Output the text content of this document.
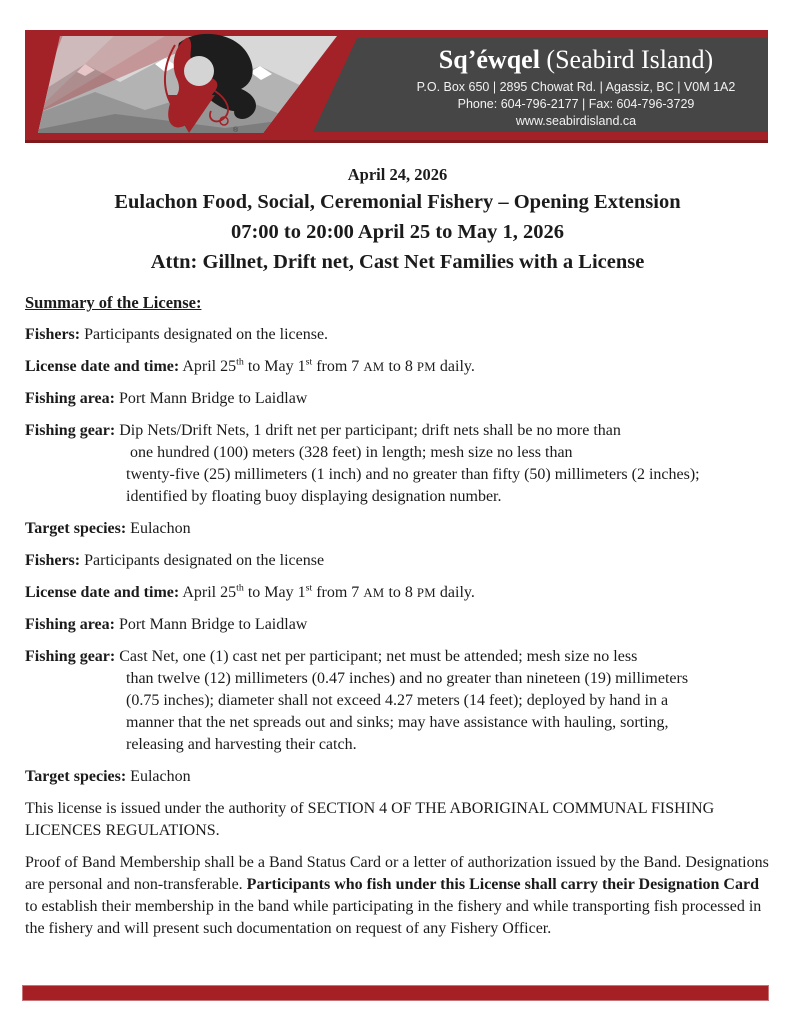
®
Sq’éwqel (Seabird Island)
P.O. Box 650 | 2895 Chowat Rd. | Agassiz, BC | V0M 1A2
Phone: 604-796-2177 | Fax: 604-796-3729
www.seabirdisland.ca

April 24, 2026

Eulachon Food, Social, Ceremonial Fishery – Opening Extension
07:00 to 20:00 April 25 to May 1, 2026
Attn: Gillnet, Drift net, Cast Net Families with a License
Summary of the License:

Fishers: Participants designated on the license.

License date and time: April 25th to May 1st from 7 AM to 8 PM daily.

Fishing area: Port Mann Bridge to Laidlaw

Fishing gear: Dip Nets/Drift Nets, 1 drift net per participant; drift nets shall be no more than

one hundred (100) meters (328 feet) in length; mesh size no less than

twenty-five (25) millimeters (1 inch) and no greater than fifty (50) millimeters (2 inches);

identified by floating buoy displaying designation number.

Target species: Eulachon

Fishers: Participants designated on the license

License date and time: April 25th to May 1st from 7 AM to 8 PM daily.

Fishing area: Port Mann Bridge to Laidlaw

Fishing gear: Cast Net, one (1) cast net per participant; net must be attended; mesh size no less

than twelve (12) millimeters (0.47 inches) and no greater than nineteen (19) millimeters

(0.75 inches); diameter shall not exceed 4.27 meters (14 feet); deployed by hand in a

manner that the net spreads out and sinks; may have assistance with hauling, sorting,

releasing and harvesting their catch.

Target species: Eulachon

This license is issued under the authority of SECTION 4 OF THE ABORIGINAL COMMUNAL FISHING LICENCES REGULATIONS.

Proof of Band Membership shall be a Band Status Card or a letter of authorization issued by the Band. Designations are personal and non-transferable. Participants who fish under this License shall carry their Designation Card to establish their membership in the band while participating in the fishery and while transporting fish processed in the fishery and will present such documentation on request of any Fishery Officer.
